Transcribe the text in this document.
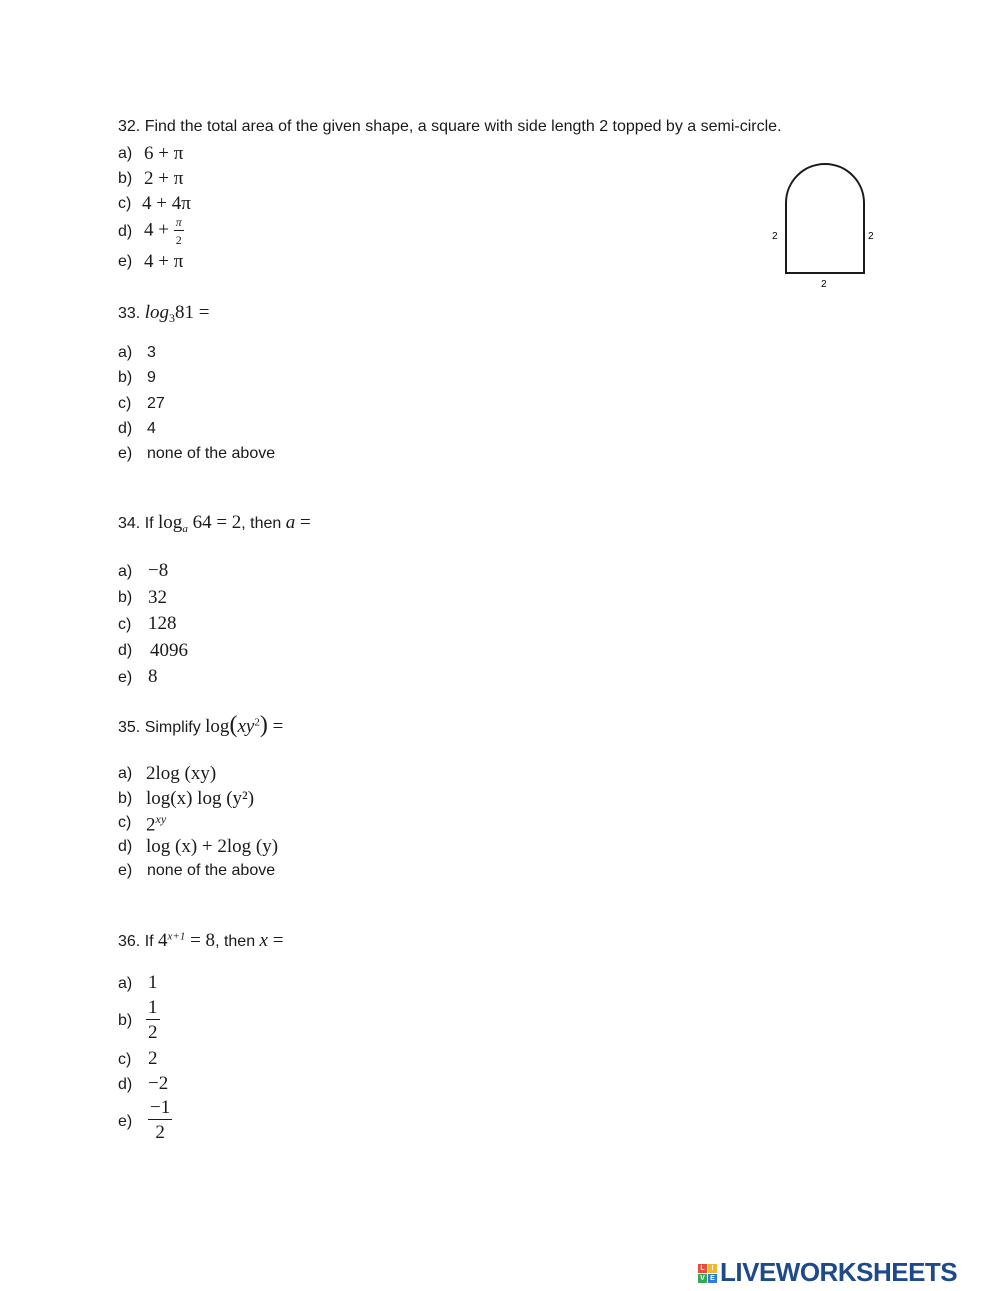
32. Find the total area of the given shape, a square with side length 2 topped by a semi-circle.
a) 6 + π
b) 2 + π
c) 4 + 4π
d) $4 + \frac{\pi}{2}$
e) 4 + π
2	2
2
33. $\log_381$ =
a) 3
b) 9
c) 27
d) 4
e) none of the above
34. If $\log_a 64 = 2$, then a =
a) −8
b) 32
c) 128
d) 4096
e) 8
35. Simplify $\log(xy^2)$ =
a) 2log (xy)
b) log(x) log (y²)
c) $2^{xy}$
d) log (x) + 2log (y)
e) none of the above
36. If $4^{x+1} = 8$, then x =
a) 1
$b) \frac{1}{2}$
c) 2
d) −2
$e) \frac{-1}{2}$
L I
V E LIVEWORKSHEETS
